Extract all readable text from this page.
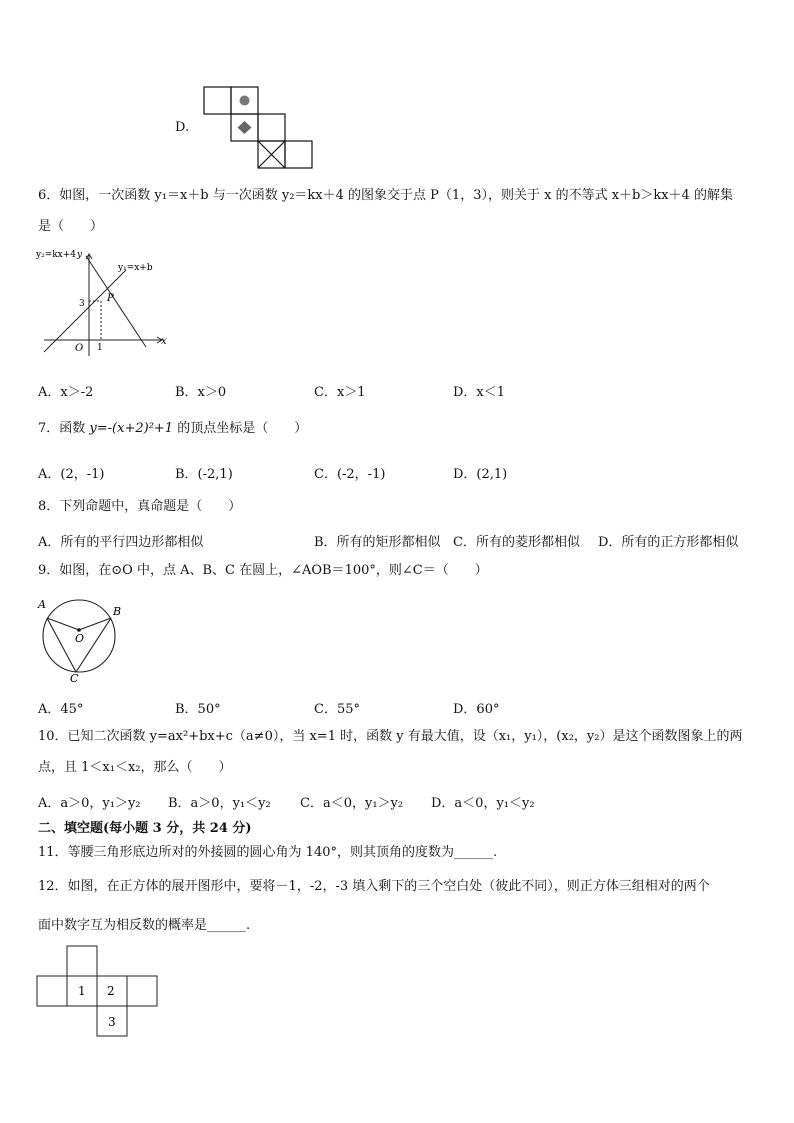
D.
6．如图，一次函数 y₁＝x＋b 与一次函数 y₂＝kx＋4 的图象交于点 P（1，3），则关于 x 的不等式 x＋b＞kx＋4 的解集
是（　　）
y₂=kx+4 y
y₁=x+b
P
3
O 1
x
A．x＞-2	B．x＞0	C．x＞1	D．x＜1
7．函数 y=-(x+2)²+1 的顶点坐标是（　　）
A．(2，-1)	B．(-2,1)	C．(-2，-1)	D．(2,1)
8．下列命题中，真命题是（　　）
A．所有的平行四边形都相似	B．所有的矩形都相似 C．所有的菱形都相似 D．所有的正方形都相似
9．如图，在⊙O 中，点 A、B、C 在圆上，∠AOB＝100°，则∠C＝（　　）
A
B
O
C
A．45°	B．50°	C．55°	D．60°
10．已知二次函数 y=ax²+bx+c（a≠0），当 x=1 时，函数 y 有最大值，设（x₁，y₁），(x₂，y₂）是这个函数图象上的两
点，且 1＜x₁＜x₂，那么（　　）
A．a＞0，y₁＞y₂ B．a＞0，y₁＜y₂ C．a＜0，y₁＞y₂ D．a＜0，y₁＜y₂
二、填空题(每小题 3 分，共 24 分)
11．等腰三角形底边所对的外接圆的圆心角为 140°，则其顶角的度数为______.
12．如图，在正方体的展开图形中，要将－1，-2，-3 填入剩下的三个空白处（彼此不同），则正方体三组相对的两个
面中数字互为相反数的概率是______.
1 2
3
